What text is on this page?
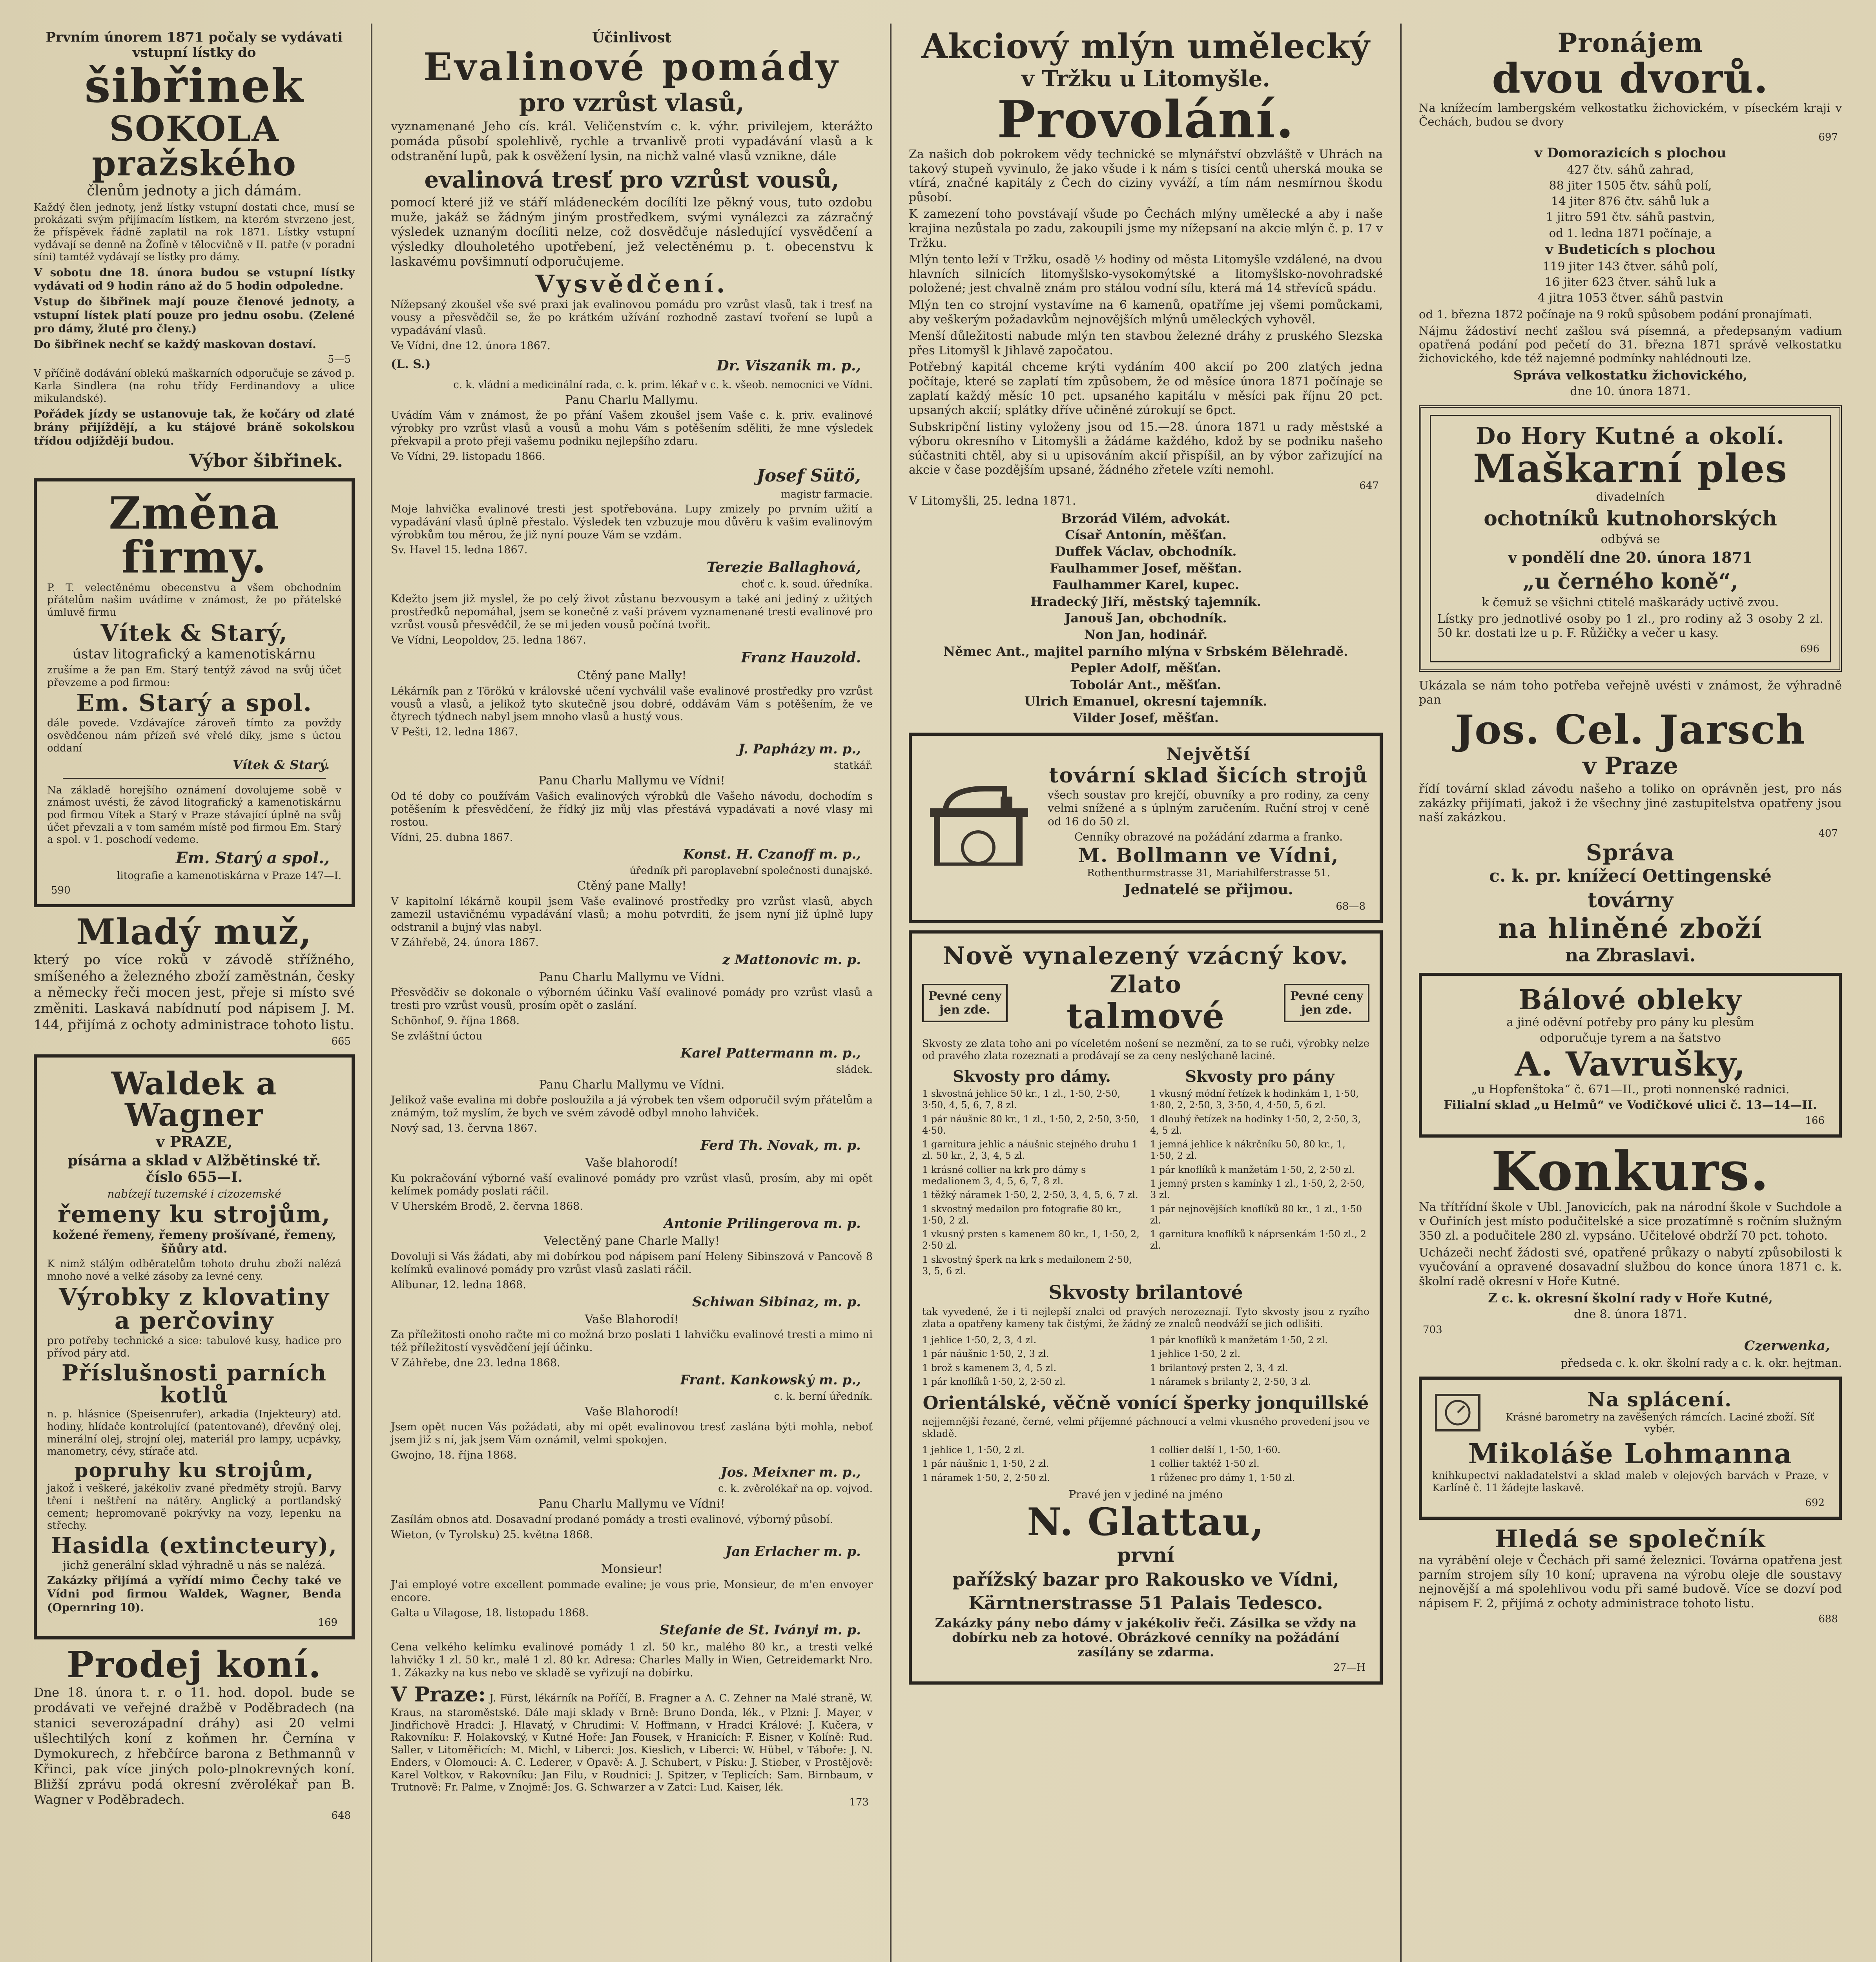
Prvním únorem 1871 počaly se vydávati vstupní lístky do
šibřinek
SOKOLA pražského
členům jednoty a jich dámám.
Každý člen jednoty, jenž lístky vstupní dostati chce, musí se prokázati svým přijímacím lístkem, na kterém stvrzeno jest, že příspěvek řádně zaplatil na rok 1871. Lístky vstupní vydávají se denně na Žofíně v tělocvičně v II. patře (v poradní síni) tamtéž vydávají se lístky pro dámy.
V sobotu dne 18. února budou se vstupní lístky vydávati od 9 hodin ráno až do 5 hodin odpoledne.
Vstup do šibřinek mají pouze členové jednoty, a vstupní lístek platí pouze pro jednu osobu. (Zelené pro dámy, žluté pro členy.)
Do šibřinek nechť se každý maskovan dostaví.
5—5
V příčině dodávání oblekú maškarních odporučuje se závod p. Karla Sindlera (na rohu třídy Ferdinandovy a ulice mikulandské).
Pořádek jízdy se ustanovuje tak, že kočáry od zlaté brány přijíždějí, a ku stájové bráně sokolskou třídou odjíždějí budou.
Výbor šibřinek.
Změna firmy.
P. T. velectěnému obecenstvu a všem obchodním přátelům našim uvádíme v známost, že po přátelské úmluvě firmu
Vítek & Starý,
ústav litografický a kamenotiskárnu
zrušíme a že pan Em. Starý tentýž závod na svůj účet převzeme a pod firmou:
Em. Starý a spol.
dále povede. Vzdávajíce zároveň tímto za povždy osvědčenou nám přízeň své vřelé díky, jsme s úctou oddaní
Vítek & Starý.
Na základě horejšího oznámení dovolujeme sobě v známost uvésti, že závod litografický a kamenotiskárnu pod firmou Vítek a Starý v Praze stávající úplně na svůj účet převzali a v tom samém místě pod firmou Em. Starý a spol. v 1. poschodí vedeme.
Em. Starý a spol.,
litografie a kamenotiskárna v Praze 147—I.
590
Mladý muž,
který po více roků v závodě střížného, smíšeného a železného zboží zaměstnán, česky a německy řeči mocen jest, přeje si místo své změniti. Laskavá nabídnutí pod nápisem J. M. 144, přijímá z ochoty administrace tohoto listu.
665
Waldek a Wagner
v PRAZE,
písárna a sklad v Alžbětinské tř. číslo 655—I.
nabízejí tuzemské i cizozemské
řemeny ku strojům,
kožené řemeny, řemeny prošívané, řemeny, šňůry atd.
K nimž stálým odběratelům tohoto druhu zboží nalézá mnoho nové a velké zásoby za levné ceny.
Výrobky z klovatiny a perčoviny
pro potřeby technické a sice: tabulové kusy, hadice pro přívod páry atd.
Příslušnosti parních kotlů
n. p. hlásnice (Speisenrufer), arkadia (Injekteury) atd. hodiny, hlídače kontrolující (patentované), dřevěný olej, minerální olej, strojní olej, materiál pro lampy, ucpávky, manometry, cévy, stírače atd.
popruhy ku strojům,
jakož i veškeré, jakékoliv zvané předměty strojů. Barvy tření i neštření na nátěry. Anglický a portlandský cement; hepromovaně pokrývky na vozy, lepenku na střechy.
Hasidla (extincteury),
jichž generální sklad výhradně u nás se nalézá.
Zakázky přijímá a vyřídí mimo Čechy také ve Vídni pod firmou Waldek, Wagner, Benda (Opernring 10).
169
Prodej koní.
Dne 18. února t. r. o 11. hod. dopol. bude se prodávati ve veřejné dražbě v Poděbradech (na stanici severozápadní dráhy) asi 20 velmi ušlechtilých koní z koňmen hr. Černína v Dymokurech, z hřebčírce barona z Bethmannů v Křinci, pak více jiných polo-plnokrevných koní. Bližší zprávu podá okresní zvěrolékař pan B. Wagner v Poděbradech.
648
Účinlivost
Evalinové pomády
pro vzrůst vlasů,
vyznamenané Jeho cís. král. Veličenstvím c. k. výhr. privilejem, kterážto pomáda působí spolehlivě, rychle a trvanlivě proti vypadávání vlasů a k odstranění lupů, pak k osvěžení lysin, na nichž valné vlasů vznikne, dále
evalinová tresť pro vzrůst vousů,
pomocí které již ve stáří mládeneckém docílíti lze pěkný vous, tuto ozdobu muže, jakáž se žádným jiným prostředkem, svými vynálezci za zázračný výsledek uznaným docíliti nelze, což dosvědčuje následující vysvědčení a výsledky dlouholetého upotřebení, jež velectěnému p. t. obecenstvu k laskavému povšimnutí odporučujeme.
Vysvědčení.
Nížepsaný zkoušel vše své praxi jak evalinovou pomádu pro vzrůst vlasů, tak i tresť na vousy a přesvědčil se, že po krátkém užívání rozhodně zastaví tvoření se lupů a vypadávání vlasů.
Ve Vídni, dne 12. února 1867.
(L. S.)	Dr. Viszanik m. p.,
c. k. vládní a medicinální rada, c. k. prim. lékař v c. k. všeob. nemocnici ve Vídni.
Panu Charlu Mallymu.
Uvádím Vám v známost, že po přání Vašem zkoušel jsem Vaše c. k. priv. evalinové výrobky pro vzrůst vlasů a vousů a mohu Vám s potěšením sděliti, že mne výsledek překvapil a proto přeji vašemu podniku nejlepšího zdaru.
Ve Vídni, 29. listopadu 1866.
Josef Sütö,
magistr farmacie.
Moje lahvička evalinové tresti jest spotřebována. Lupy zmizely po prvním užití a vypadávání vlasů úplně přestalo. Výsledek ten vzbuzuje mou důvěru k vašim evalinovým výrobkům tou měrou, že již nyní pouze Vám se vzdám.
Sv. Havel 15. ledna 1867.
Terezie Ballaghová,
choť c. k. soud. úředníka.
Kdežto jsem již myslel, že po celý život zůstanu bezvousym a také ani jediný z užitých prostředků nepomáhal, jsem se konečně z vaší právem vyznamenané tresti evalinové pro vzrůst vousů přesvědčil, že se mi jeden vousů počíná tvořit.
Ve Vídni, Leopoldov, 25. ledna 1867.
Franz Hauzold.
Ctěný pane Mally!
Lékárník pan z Törökú v královské učení vychválil vaše evalinové prostředky pro vzrůst vousů a vlasů, a jelikož tyto skutečně jsou dobré, oddávám Vám s potěšením, že ve čtyrech týdnech nabyl jsem mnoho vlasů a hustý vous.
V Pešti, 12. ledna 1867.
J. Papházy m. p.,
statkář.
Panu Charlu Mallymu ve Vídni!
Od té doby co používám Vašich evalinových výrobků dle Vašeho návodu, dochodím s potěšením k přesvědčení, že řídký jiz můj vlas přestává vypadávati a nové vlasy mi rostou.
Vídni, 25. dubna 1867.
Konst. H. Czanoff m. p.,
úředník při paroplavební společnosti dunajské.
Ctěný pane Mally!
V kapitolní lékárně koupil jsem Vaše evalinové prostředky pro vzrůst vlasů, abych zamezil ustavičnému vypadávání vlasů; a mohu potvrditi, že jsem nyní již úplně lupy odstranil a bujný vlas nabyl.
V Záhřebě, 24. února 1867.
z Mattonovic m. p.
Panu Charlu Mallymu ve Vídni.
Přesvědčiv se dokonale o výborném účinku Vaší evalinové pomády pro vzrůst vlasů a tresti pro vzrůst vousů, prosím opět o zaslání.
Schönhof, 9. října 1868.
Se zvláštní úctou
Karel Pattermann m. p.,
sládek.
Panu Charlu Mallymu ve Vídni.
Jelikož vaše evalina mi dobře posloužila a já výrobek ten všem odporučil svým přátelům a známým, tož myslím, že bych ve svém závodě odbyl mnoho lahviček.
Nový sad, 13. června 1867.
Ferd Th. Novak, m. p.
Vaše blahorodí!
Ku pokračování výborné vaší evalinové pomády pro vzrůst vlasů, prosím, aby mi opět kelímek pomády poslati ráčil.
V Uherském Brodě, 2. června 1868.
Antonie Prilingerova m. p.
Velectěný pane Charle Mally!
Dovoluji si Vás žádati, aby mi dobírkou pod nápisem paní Heleny Sibinszová v Pancově 8 kelímků evalinové pomády pro vzrůst vlasů zaslati ráčil.
Alibunar, 12. ledna 1868.
Schiwan Sibinaz, m. p.
Vaše Blahorodí!
Za příležitosti onoho račte mi co možná brzo poslati 1 lahvičku evalinové tresti a mimo ni též příležitostí vysvědčení její účinku.
V Záhřebe, dne 23. ledna 1868.
Frant. Kankowský m. p.,
c. k. berní úředník.
Vaše Blahorodí!
Jsem opět nucen Vás požádati, aby mi opět evalinovou tresť zaslána býti mohla, neboť jsem již s ní, jak jsem Vám oznámil, velmi spokojen.
Gwojno, 18. října 1868.
Jos. Meixner m. p.,
c. k. zvěrolékař na op. vojvod.
Panu Charlu Mallymu ve Vídni!
Zasílám obnos atd. Dosavadní prodané pomády a tresti evalinové, výborný působí.
Wieton, (v Tyrolsku) 25. května 1868.
Jan Erlacher m. p.
Monsieur!
J'ai employé votre excellent pommade evaline; je vous prie, Monsieur, de m'en envoyer encore.
Galta u Vilagose, 18. listopadu 1868.
Stefanie de St. Iványi m. p.
Cena velkého kelímku evalinové pomády 1 zl. 50 kr., malého 80 kr., a tresti velké lahvičky 1 zl. 50 kr., malé 1 zl. 80 kr. Adresa: Charles Mally in Wien, Getreidemarkt Nro. 1. Zákazky na kus nebo ve skladě se vyřizují na dobírku.
V Praze: J. Fürst, lékárník na Poříčí, B. Fragner a A. C. Zehner na Malé straně, W. Kraus, na staroměstské. Dále mají sklady v Brně: Bruno Donda, lék., v Plzni: J. Mayer, v Jindřichově Hradci: J. Hlavatý, v Chrudimi: V. Hoffmann, v Hradci Králové: J. Kučera, v Rakovníku: F. Holakovský, v Kutné Hoře: Jan Fousek, v Hranicích: F. Eisner, v Kolíně: Rud. Saller, v Litoměřicích: M. Michl, v Liberci: Jos. Kieslich, v Liberci: W. Hübel, v Táboře: J. N. Enders, v Olomouci: A. C. Lederer, v Opavě: A. J. Schubert, v Písku: J. Stieber, v Prostějově: Karel Voltkov, v Rakovníku: Jan Filu, v Roudnici: J. Spitzer, v Teplicích: Sam. Birnbaum, v Trutnově: Fr. Palme, v Znojmě: Jos. G. Schwarzer a v Zatci: Lud. Kaiser, lék.
173
Akciový mlýn umělecký
v Tržku u Litomyšle.
Provolání.
Za našich dob pokrokem vědy technické se mlynářství obzvláště v Uhrách na takový stupeň vyvinulo, že jako všude i k nám s tisíci centů uherská mouka se vtírá, značné kapitály z Čech do ciziny vyváží, a tím nám nesmírnou škodu působí.
K zamezení toho povstávají všude po Čechách mlýny umělecké a aby i naše krajina nezůstala po zadu, zakoupili jsme my nížepsaní na akcie mlýn č. p. 17 v Tržku.
Mlýn tento leží v Tržku, osadě ½ hodiny od města Litomyšle vzdálené, na dvou hlavních silnicích litomyšlsko-vysokomýtské a litomyšlsko-novohradské položené; jest chvalně znám pro stálou vodní sílu, která má 14 střevíců spádu.
Mlýn ten co strojní vystavíme na 6 kamenů, opatříme jej všemi pomůckami, aby veškerým požadavkům nejnovějších mlýnů uměleckých vyhověl.
Menší důležitosti nabude mlýn ten stavbou železné dráhy z pruského Slezska přes Litomyšl k Jihlavě započatou.
Potřebný kapitál chceme krýti vydáním 400 akcií po 200 zlatých jedna počítaje, které se zaplatí tím způsobem, že od měsíce února 1871 počínaje se zaplatí každý měsíc 10 pct. upsaného kapitálu v měsíci pak říjnu 20 pct. upsaných akcií; splátky dříve učiněné zúrokují se 6pct.
Subskripční listiny vyloženy jsou od 15.—28. února 1871 u rady městské a výboru okresního v Litomyšli a žádáme každého, kdož by se podniku našeho súčastniti chtěl, aby si u upisováním akcií přispíšil, an by výbor zařizující na akcie v čase pozdějším upsané, žádného zřetele vzíti nemohl.
647
V Litomyšli, 25. ledna 1871.
Brzorád Vilém, advokát.
Císař Antonín, měšťan.
Duffek Václav, obchodník.
Faulhammer Josef, měšťan.
Faulhammer Karel, kupec.
Hradecký Jiří, městský tajemník.
Janouš Jan, obchodník.
Non Jan, hodinář.
Němec Ant., majitel parního mlýna v Srbském Bělehradě.
Pepler Adolf, měšťan.
Tobolár Ant., měšťan.
Ulrich Emanuel, okresní tajemník.
Vilder Josef, měšťan.
Největší
tovární sklad šicích strojů
všech soustav pro krejčí, obuvníky a pro rodiny, za ceny velmi snížené a s úplným zaručením. Ruční stroj v ceně od 16 do 50 zl.
Cenníky obrazové na požádání zdarma a franko.
M. Bollmann ve Vídni,
Rothenthurmstrasse 31, Mariahilferstrasse 51.
Jednatelé se přijmou.
68—8
Nově vynalezený vzácný kov.
Pevné ceny jen zde.
Zlato
talmové	Pevné ceny jen zde.
Skvosty ze zlata toho ani po víceletém nošení se nezmění, za to se ruči, výrobky nelze od pravého zlata rozeznati a prodávají se za ceny neslýchaně laciné.
Skvosty pro dámy.
1 skvostná jehlice 50 kr., 1 zl., 1·50, 2·50, 3·50, 4, 5, 6, 7, 8 zl.
1 pár náušnic 80 kr., 1 zl., 1·50, 2, 2·50, 3·50, 4·50.
1 garnitura jehlic a náušnic stejného druhu 1 zl. 50 kr., 2, 3, 4, 5 zl.
1 krásné collier na krk pro dámy s medalionem 3, 4, 5, 6, 7, 8 zl.
1 těžký náramek 1·50, 2, 2·50, 3, 4, 5, 6, 7 zl.
1 skvostný medailon pro fotografie 80 kr., 1·50, 2 zl.
1 vkusný prsten s kamenem 80 kr., 1, 1·50, 2, 2·50 zl.
1 skvostný šperk na krk s medailonem 2·50, 3, 5, 6 zl.
Skvosty pro pány
1 vkusný módní řetízek k hodinkám 1, 1·50, 1·80, 2, 2·50, 3, 3·50, 4, 4·50, 5, 6 zl.
1 dlouhý řetízek na hodinky 1·50, 2, 2·50, 3, 4, 5 zl.
1 jemná jehlice k nákrčníku 50, 80 kr., 1, 1·50, 2 zl.
1 pár knoflíků k manžetám 1·50, 2, 2·50 zl.
1 jemný prsten s kamínky 1 zl., 1·50, 2, 2·50, 3 zl.
1 pár nejnovějších knoflíků 80 kr., 1 zl., 1·50 zl.
1 garnitura knoflíků k náprsenkám 1·50 zl., 2 zl.
Skvosty brilantové
tak vyvedené, že i ti nejlepší znalci od pravých nerozeznají. Tyto skvosty jsou z ryzího zlata a opatřeny kameny tak čistými, že žádný ze znalců neodváží se jich odlišiti.
1 jehlice 1·50, 2, 3, 4 zl.
1 pár náušnic 1·50, 2, 3 zl.
1 brož s kamenem 3, 4, 5 zl.
1 pár knoflíků 1·50, 2, 2·50 zl.
1 pár knoflíků k manžetám 1·50, 2 zl.
1 jehlice 1·50, 2 zl.
1 brilantový prsten 2, 3, 4 zl.
1 náramek s brilanty 2, 2·50, 3 zl.
Orientálské, věčně vonící šperky jonquillské
nejjemnější řezané, černé, velmi příjemné páchnoucí a velmi vkusného provedení jsou ve skladě.
1 jehlice 1, 1·50, 2 zl.
1 pár náušnic 1, 1·50, 2 zl.
1 náramek 1·50, 2, 2·50 zl.
1 collier delší 1, 1·50, 1·60.
1 collier taktéž 1·50 zl.
1 růženec pro dámy 1, 1·50 zl.
Pravé jen v jediné na jméno
N. Glattau,
první
pařížský bazar pro Rakousko ve Vídni,
Kärntnerstrasse 51 Palais Tedesco.
Zakázky pány nebo dámy v jakékoliv řeči. Zásilka se vždy na dobírku neb za hotové. Obrázkové cenníky na požádání zasílány se zdarma.
27—H
Pronájem
dvou dvorů.
Na knížecím lambergském velkostatku žichovickém, v píseckém kraji v Čechách, budou se dvory
697
v Domorazicích s plochou
427 čtv. sáhů zahrad,
88 jiter 1505 čtv. sáhů polí,
14 jiter 876 čtv. sáhů luk a
1 jitro 591 čtv. sáhů pastvin,
od 1. ledna 1871 počínaje, a
v Budeticích s plochou
119 jiter 143 čtver. sáhů polí,
16 jiter 623 čtver. sáhů luk a
4 jitra 1053 čtver. sáhů pastvin
od 1. března 1872 počínaje na 9 roků spůsobem podání pronajímati.
Nájmu žádostiví nechť zašlou svá písemná, a předepsaným vadium opatřená podání pod pečetí do 31. března 1871 správě velkostatku žichovického, kde též najemné podmínky nahlédnouti lze.
Správa velkostatku žichovického,
dne 10. února 1871.
Do Hory Kutné a okolí.
Maškarní ples
divadelních
ochotníků kutnohorských
odbývá se
v pondělí dne 20. února 1871
„u černého koně“,
k čemuž se všichni ctitelé maškarády uctivě zvou.
Lístky pro jednotlivé osoby po 1 zl., pro rodiny až 3 osoby 2 zl. 50 kr. dostati lze u p. F. Růžičky a večer u kasy.
696
Ukázala se nám toho potřeba veřejně uvésti v známost, že výhradně pan
Jos. Cel. Jarsch
v Praze
řídí tovární sklad závodu našeho a toliko on oprávněn jest, pro nás zakázky přijímati, jakož i že všechny jiné zastupitelstva opatřeny jsou naší zakázkou.
407
Správa
c. k. pr. knížecí Oettingenské
továrny
na hliněné zboží
na Zbraslavi.
Bálové obleky
a jiné oděvní potřeby pro pány ku plesům
odporučuje tyrem a na šatstvo
A. Vavrušky,
„u Hopfenštoka“ č. 671—II., proti nonnenské radnici.
Filialní sklad „u Helmů“ ve Vodičkové ulici č. 13—14—II.
166
Konkurs.
Na třítřídní škole v Ubl. Janovicích, pak na národní škole v Suchdole a v Ouřiních jest místo podučitelské a sice prozatímně s ročním služným 350 zl. a podučitele 280 zl. vypsáno. Učitelové obdrží 70 pct. tohoto.
Ucházeči nechť žádosti své, opatřené průkazy o nabytí způsobilosti k vyučování a opravené dosavadní službou do konce února 1871 c. k. školní radě okresní v Hoře Kutné.
Z c. k. okresní školní rady v Hoře Kutné,
dne 8. února 1871.
703
Czerwenka,
předseda c. k. okr. školní rady a c. k. okr. hejtman.
Na splácení.
Krásné barometry na zavěšených rámcích. Laciné zboží. Síť vybér.
Mikoláše Lohmanna
knihkupectví nakladatelství a sklad maleb v olejových barvách v Praze, v Karlíně č. 11 žádejte laskavě.
692
Hledá se společník
na vyrábění oleje v Čechách při samé železnici. Továrna opatřena jest parním strojem síly 10 koní; upravena na výrobu oleje dle soustavy nejnovější a má spolehlivou vodu při samé budově. Více se dozví pod nápisem F. 2, přijímá z ochoty administrace tohoto listu.
688
